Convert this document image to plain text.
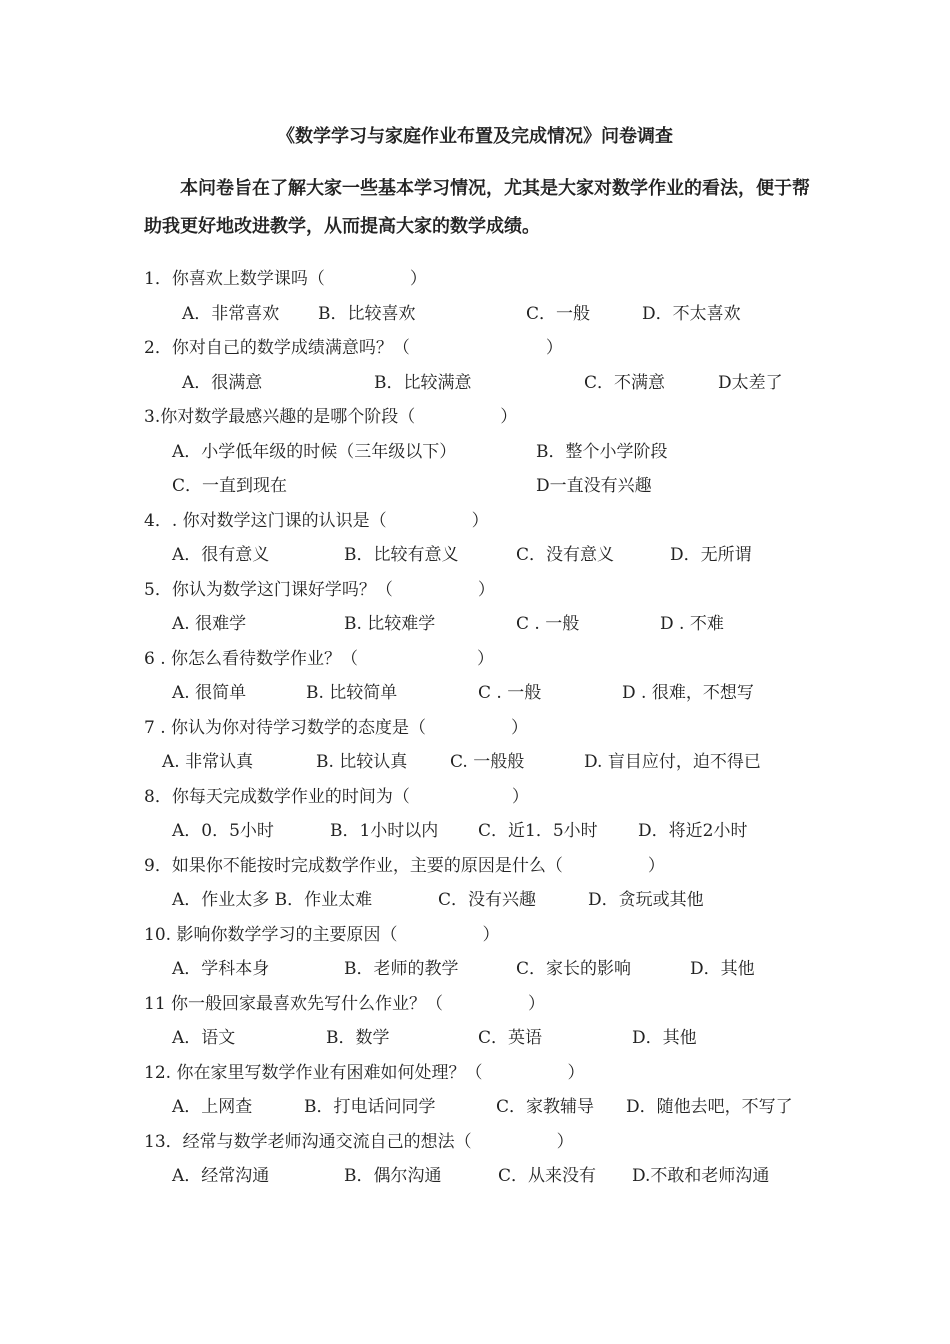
《数学学习与家庭作业布置及完成情况》问卷调查
本问卷旨在了解大家一些基本学习情况，尤其是大家对数学作业的看法，便于帮助我更好地改进教学，从而提高大家的数学成绩。
1．你喜欢上数学课吗（　　　　　）
A．非常喜欢 B．比较喜欢	C．一般	D．不太喜欢
2．你对自己的数学成绩满意吗？（　　　　　　　　）
A．很满意	B．比较满意	C．不满意	D太差了
3.你对数学最感兴趣的是哪个阶段（　　　　　）
A．小学低年级的时候（三年级以下）	B．整个小学阶段
C．一直到现在	D一直没有兴趣
4．. 你对数学这门课的认识是（　　　　　）
A．很有意义	B．比较有意义	C．没有意义	D．无所谓
5．你认为数学这门课好学吗？（　　　　　）
A. 很难学	B. 比较难学	C . 一般	D . 不难
6 . 你怎么看待数学作业？（　　　　　　　）
A. 很简单	B. 比较简单	C . 一般	D . 很难，不想写
7 . 你认为你对待学习数学的态度是（　　　　　）
A. 非常认真	B. 比较认真	C. 一般般	D. 盲目应付，迫不得已
8．你每天完成数学作业的时间为（　　　　　　）
A．0．5小时	B．1小时以内 C．近1．5小时 D．将近2小时
9．如果你不能按时完成数学作业，主要的原因是什么（　　　　　）
A．作业太多 B．作业太难	C．没有兴趣	D．贪玩或其他
10. 影响你数学学习的主要原因（　　　　　）
A．学科本身	B．老师的教学	C．家长的影响	D．其他
11 你一般回家最喜欢先写什么作业？（　　　　　）
A．语文	B．数学	C．英语	D．其他
12. 你在家里写数学作业有困难如何处理？（　　　　　）
A．上网查	B．打电话问同学	C．家教辅导 D．随他去吧，不写了
13．经常与数学老师沟通交流自己的想法（　　　　　）
A．经常沟通	B．偶尔沟通	C．从来没有 D.不敢和老师沟通
